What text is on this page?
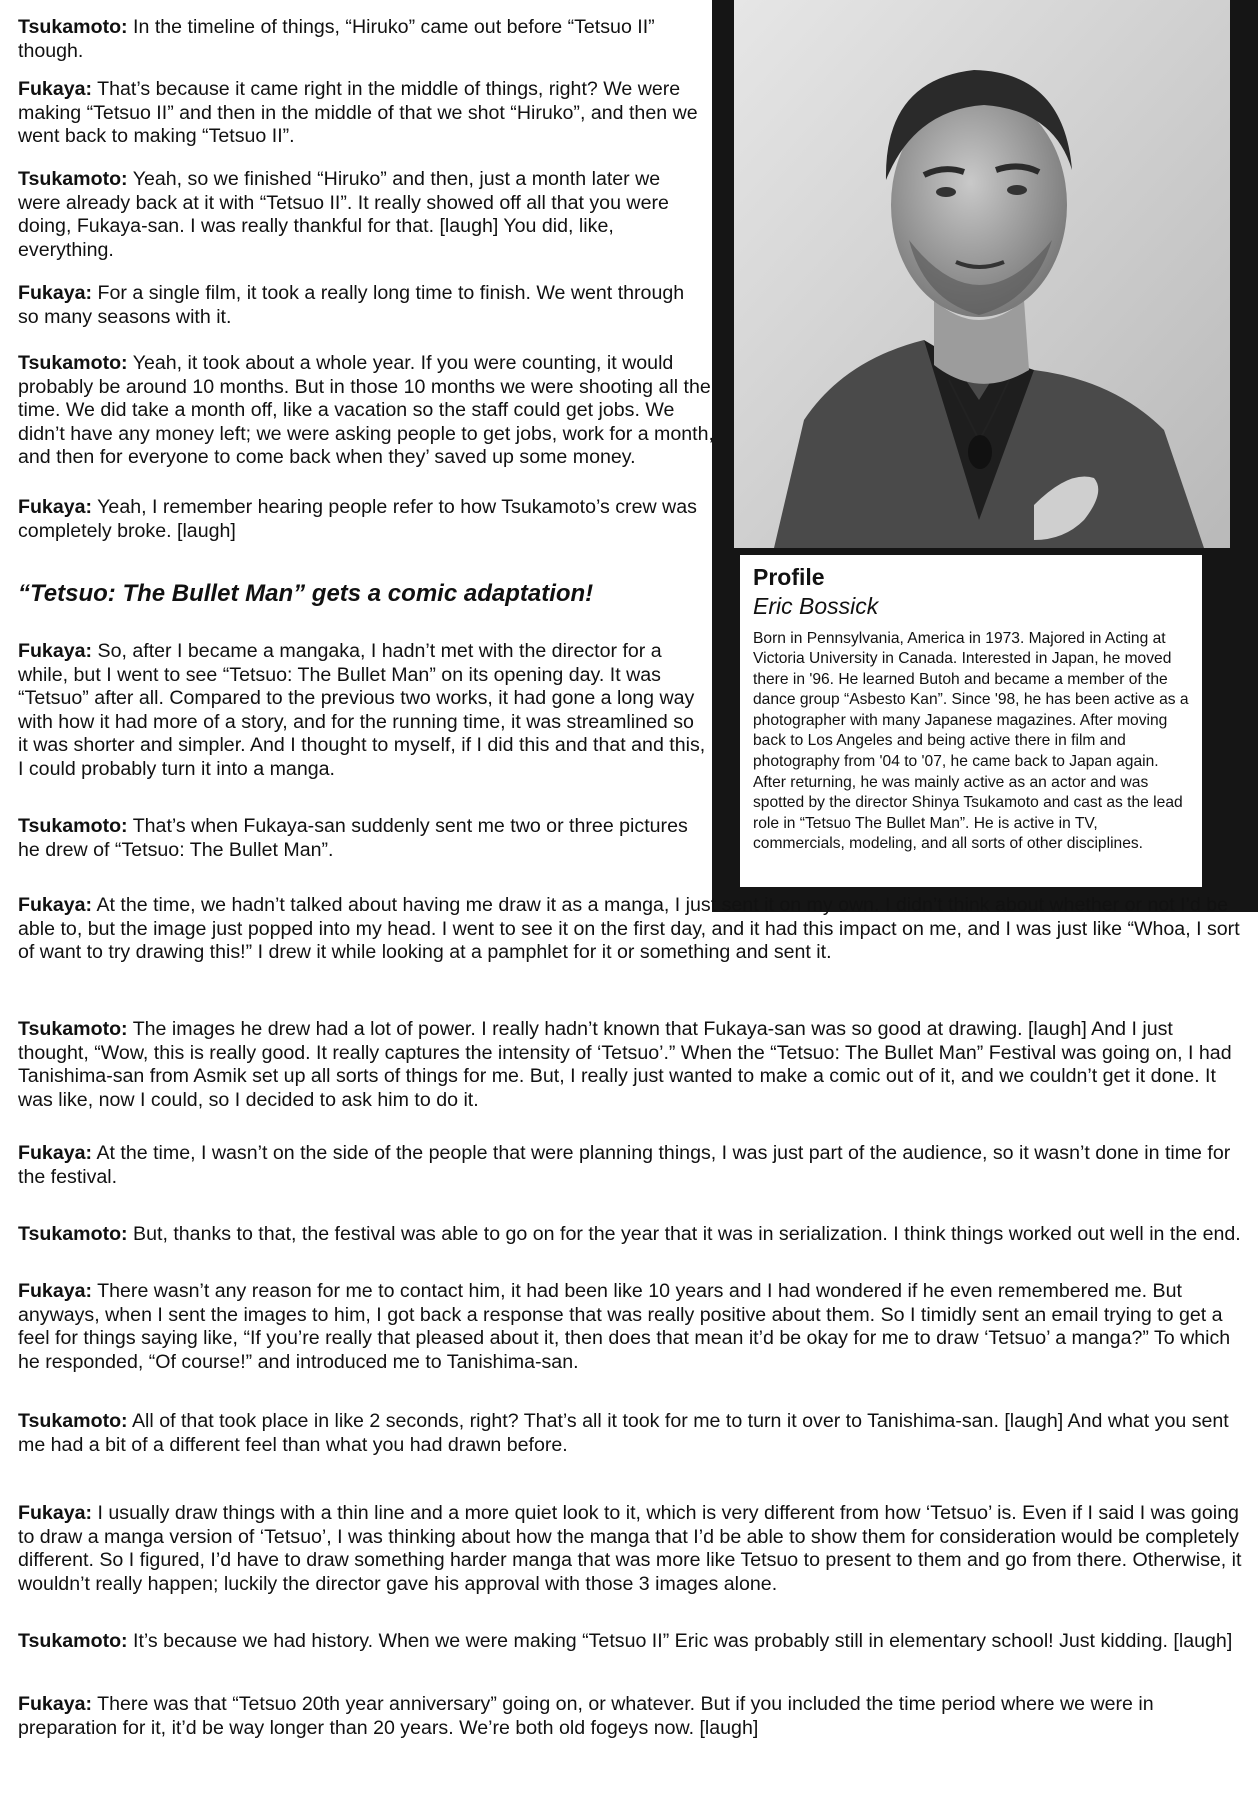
Profile

Eric Bossick

Born in Pennsylvania, America in 1973. Majored in Acting at Victoria University in Canada. Interested in Japan, he moved there in '96. He learned Butoh and became a member of the dance group “Asbesto Kan”. Since '98, he has been active as a photographer with many Japanese magazines. After moving back to Los Angeles and being active there in film and photography from '04 to '07, he came back to Japan again. After returning, he was mainly active as an actor and was spotted by the director Shinya Tsukamoto and cast as the lead role in “Tetsuo The Bullet Man”. He is active in TV, commercials, modeling, and all sorts of other disciplines.

Tsukamoto: In the timeline of things, “Hiruko” came out before “Tetsuo II” though.

Fukaya: That’s because it came right in the middle of things, right? We were making “Tetsuo II” and then in the middle of that we shot “Hiruko”, and then we went back to making “Tetsuo II”.

Tsukamoto: Yeah, so we finished “Hiruko” and then, just a month later we were already back at it with “Tetsuo II”. It really showed off all that you were doing, Fukaya-san. I was really thankful for that. [laugh] You did, like, everything.

Fukaya: For a single film, it took a really long time to finish. We went through so many seasons with it.

Tsukamoto: Yeah, it took about a whole year. If you were counting, it would probably be around 10 months. But in those 10 months we were shooting all the time. We did take a month off, like a vacation so the staff could get jobs. We didn’t have any money left; we were asking people to get jobs, work for a month, and then for everyone to come back when they’ saved up some money.

Fukaya: Yeah, I remember hearing people refer to how Tsukamoto’s crew was completely broke. [laugh]

“Tetsuo: The Bullet Man” gets a comic adaptation!

Fukaya: So, after I became a mangaka, I hadn’t met with the director for a while, but I went to see “Tetsuo: The Bullet Man” on its opening day. It was “Tetsuo” after all. Compared to the previous two works, it had gone a long way with how it had more of a story, and for the running time, it was streamlined so it was shorter and simpler. And I thought to myself, if I did this and that and this, I could probably turn it into a manga.

Tsukamoto: That’s when Fukaya-san suddenly sent me two or three pictures he drew of “Tetsuo: The Bullet Man”.

Fukaya: At the time, we hadn’t talked about having me draw it as a manga, I just sent it on my own. I didn’t think about whether or not I’d be able to, but the image just popped into my head. I went to see it on the first day, and it had this impact on me, and I was just like “Whoa, I sort of want to try drawing this!” I drew it while looking at a pamphlet for it or something and sent it.

Tsukamoto: The images he drew had a lot of power. I really hadn’t known that Fukaya-san was so good at drawing. [laugh] And I just thought, “Wow, this is really good. It really captures the intensity of ‘Tetsuo’.” When the “Tetsuo: The Bullet Man” Festival was going on, I had Tanishima-san from Asmik set up all sorts of things for me. But, I really just wanted to make a comic out of it, and we couldn’t get it done. It was like, now I could, so I decided to ask him to do it.

Fukaya: At the time, I wasn’t on the side of the people that were planning things, I was just part of the audience, so it wasn’t done in time for the festival.

Tsukamoto: But, thanks to that, the festival was able to go on for the year that it was in serialization. I think things worked out well in the end.

Fukaya: There wasn’t any reason for me to contact him, it had been like 10 years and I had wondered if he even remembered me. But anyways, when I sent the images to him, I got back a response that was really positive about them. So I timidly sent an email trying to get a feel for things saying like, “If you’re really that pleased about it, then does that mean it’d be okay for me to draw ‘Tetsuo’ a manga?” To which he responded, “Of course!” and introduced me to Tanishima-san.

Tsukamoto: All of that took place in like 2 seconds, right? That’s all it took for me to turn it over to Tanishima-san. [laugh] And what you sent me had a bit of a different feel than what you had drawn before.

Fukaya: I usually draw things with a thin line and a more quiet look to it, which is very different from how ‘Tetsuo’ is. Even if I said I was going to draw a manga version of ‘Tetsuo’, I was thinking about how the manga that I’d be able to show them for consideration would be completely different. So I figured, I’d have to draw something harder manga that was more like Tetsuo to present to them and go from there. Otherwise, it wouldn’t really happen; luckily the director gave his approval with those 3 images alone.

Tsukamoto: It’s because we had history. When we were making “Tetsuo II” Eric was probably still in elementary school! Just kidding. [laugh]

Fukaya: There was that “Tetsuo 20th year anniversary” going on, or whatever. But if you included the time period where we were in preparation for it, it’d be way longer than 20 years. We’re both old fogeys now. [laugh]
